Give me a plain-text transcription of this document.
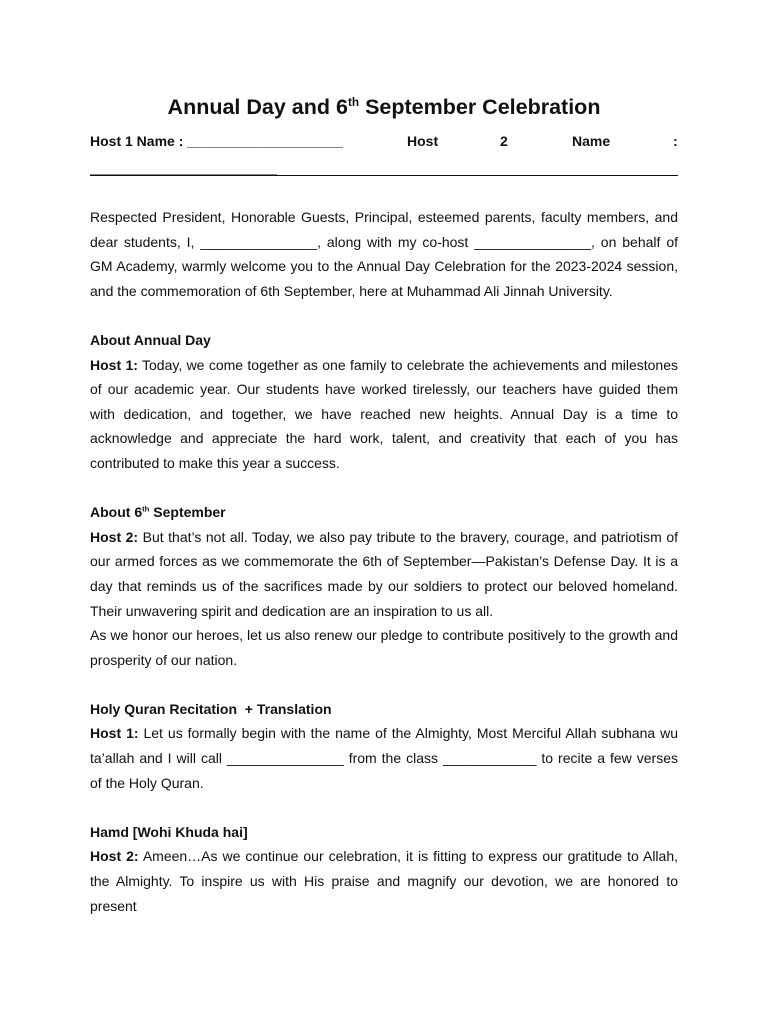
Annual Day and 6th September Celebration
Host 1 Name : ____________________	Host	2	Name	:
________________________

Respected President, Honorable Guests, Principal, esteemed parents, faculty members, and dear students, I, _______________, along with my co-host _______________, on behalf of GM Academy, warmly welcome you to the Annual Day Celebration for the 2023-2024 session, and the commemoration of 6th September, here at Muhammad Ali Jinnah University.

About Annual Day

Host 1: Today, we come together as one family to celebrate the achievements and milestones of our academic year. Our students have worked tirelessly, our teachers have guided them with dedication, and together, we have reached new heights. Annual Day is a time to acknowledge and appreciate the hard work, talent, and creativity that each of you has contributed to make this year a success.

About 6th September

Host 2: But that’s not all. Today, we also pay tribute to the bravery, courage, and patriotism of our armed forces as we commemorate the 6th of September—Pakistan’s Defense Day. It is a day that reminds us of the sacrifices made by our soldiers to protect our beloved homeland. Their unwavering spirit and dedication are an inspiration to us all.

As we honor our heroes, let us also renew our pledge to contribute positively to the growth and prosperity of our nation.

Holy Quran Recitation  + Translation

Host 1: Let us formally begin with the name of the Almighty, Most Merciful Allah subhana wu ta’allah and I will call _______________ from the class ____________ to recite a few verses of the Holy Quran.

Hamd [Wohi Khuda hai]

Host 2: Ameen…As we continue our celebration, it is fitting to express our gratitude to Allah, the Almighty. To inspire us with His praise and magnify our devotion, we are honored to present
